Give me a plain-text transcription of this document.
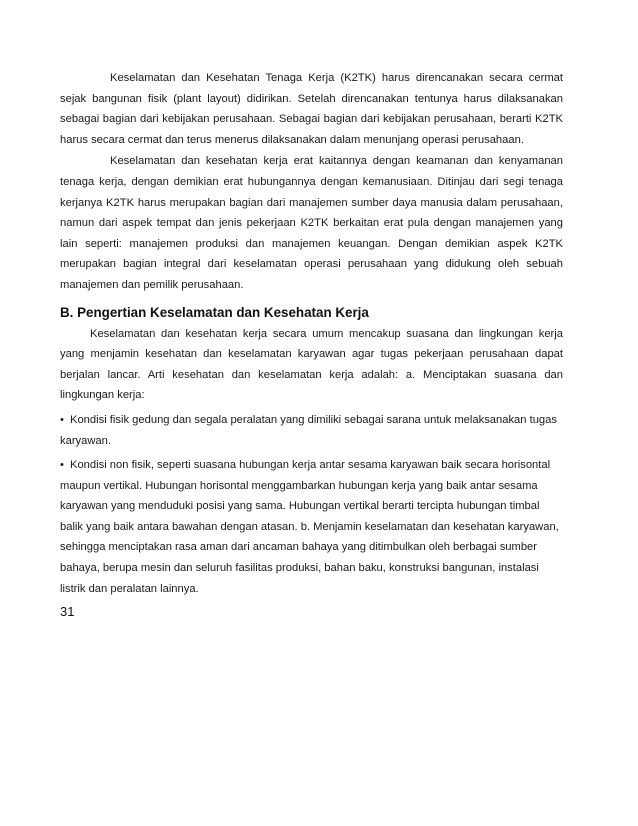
Keselamatan dan Kesehatan Tenaga Kerja (K2TK) harus direncanakan secara cermat sejak bangunan fisik (plant layout) didirikan. Setelah direncanakan tentunya harus dilaksanakan sebagai bagian dari kebijakan perusahaan. Sebagai bagian dari kebijakan perusahaan, berarti K2TK harus secara cermat dan terus menerus dilaksanakan dalam menunjang operasi perusahaan.

Keselamatan dan kesehatan kerja erat kaitannya dengan keamanan dan kenyamanan tenaga kerja, dengan demikian erat hubungannya dengan kemanusiaan. Ditinjau dari segi tenaga kerjanya K2TK harus merupakan bagian dari manajemen sumber daya manusia dalam perusahaan, namun dari aspek tempat dan jenis pekerjaan K2TK berkaitan erat pula dengan manajemen yang lain seperti: manajemen produksi dan manajemen keuangan. Dengan demikian aspek K2TK merupakan bagian integral dari keselamatan operasi perusahaan yang didukung oleh sebuah manajemen dan pemilik perusahaan.

B. Pengertian Keselamatan dan Kesehatan Kerja

Keselamatan dan kesehatan kerja secara umum mencakup suasana dan lingkungan kerja yang menjamin kesehatan dan keselamatan karyawan agar tugas pekerjaan perusahaan dapat berjalan lancar. Arti kesehatan dan keselamatan kerja adalah: a. Menciptakan suasana dan lingkungan kerja:

• Kondisi fisik gedung dan segala peralatan yang dimiliki sebagai sarana untuk melaksanakan tugas karyawan.

• Kondisi non fisik, seperti suasana hubungan kerja antar sesama karyawan baik secara horisontal maupun vertikal. Hubungan horisontal menggambarkan hubungan kerja yang baik antar sesama karyawan yang menduduki posisi yang sama. Hubungan vertikal berarti tercipta hubungan timbal balik yang baik antara bawahan dengan atasan. b. Menjamin keselamatan dan kesehatan karyawan, sehingga menciptakan rasa aman dari ancaman bahaya yang ditimbulkan oleh berbagai sumber bahaya, berupa mesin dan seluruh fasilitas produksi, bahan baku, konstruksi bangunan, instalasi listrik dan peralatan lainnya.

31
